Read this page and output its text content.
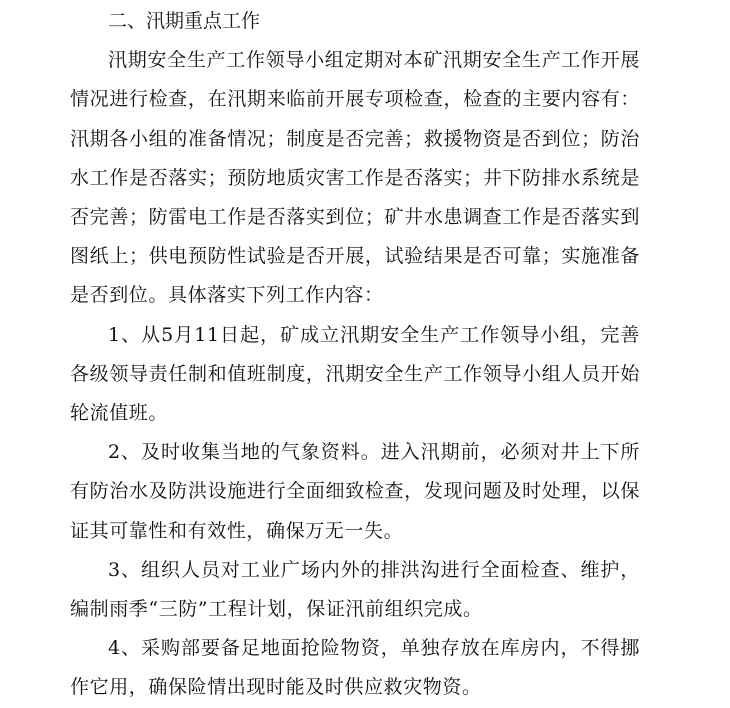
二、汛期重点工作

汛期安全生产工作领导小组定期对本矿汛期安全生产工作开展情况进行检查，在汛期来临前开展专项检查，检查的主要内容有：汛期各小组的准备情况；制度是否完善；救援物资是否到位；防治水工作是否落实；预防地质灾害工作是否落实；井下防排水系统是否完善；防雷电工作是否落实到位；矿井水患调查工作是否落实到图纸上；供电预防性试验是否开展，试验结果是否可靠；实施准备是否到位。具体落实下列工作内容：

1、从5月11日起，矿成立汛期安全生产工作领导小组，完善各级领导责任制和值班制度，汛期安全生产工作领导小组人员开始轮流值班。

2、及时收集当地的气象资料。进入汛期前，必须对井上下所有防治水及防洪设施进行全面细致检查，发现问题及时处理，以保证其可靠性和有效性，确保万无一失。

3、组织人员对工业广场内外的排洪沟进行全面检查、维护，编制雨季“三防”工程计划，保证汛前组织完成。

4、采购部要备足地面抢险物资，单独存放在库房内，不得挪作它用，确保险情出现时能及时供应救灾物资。
